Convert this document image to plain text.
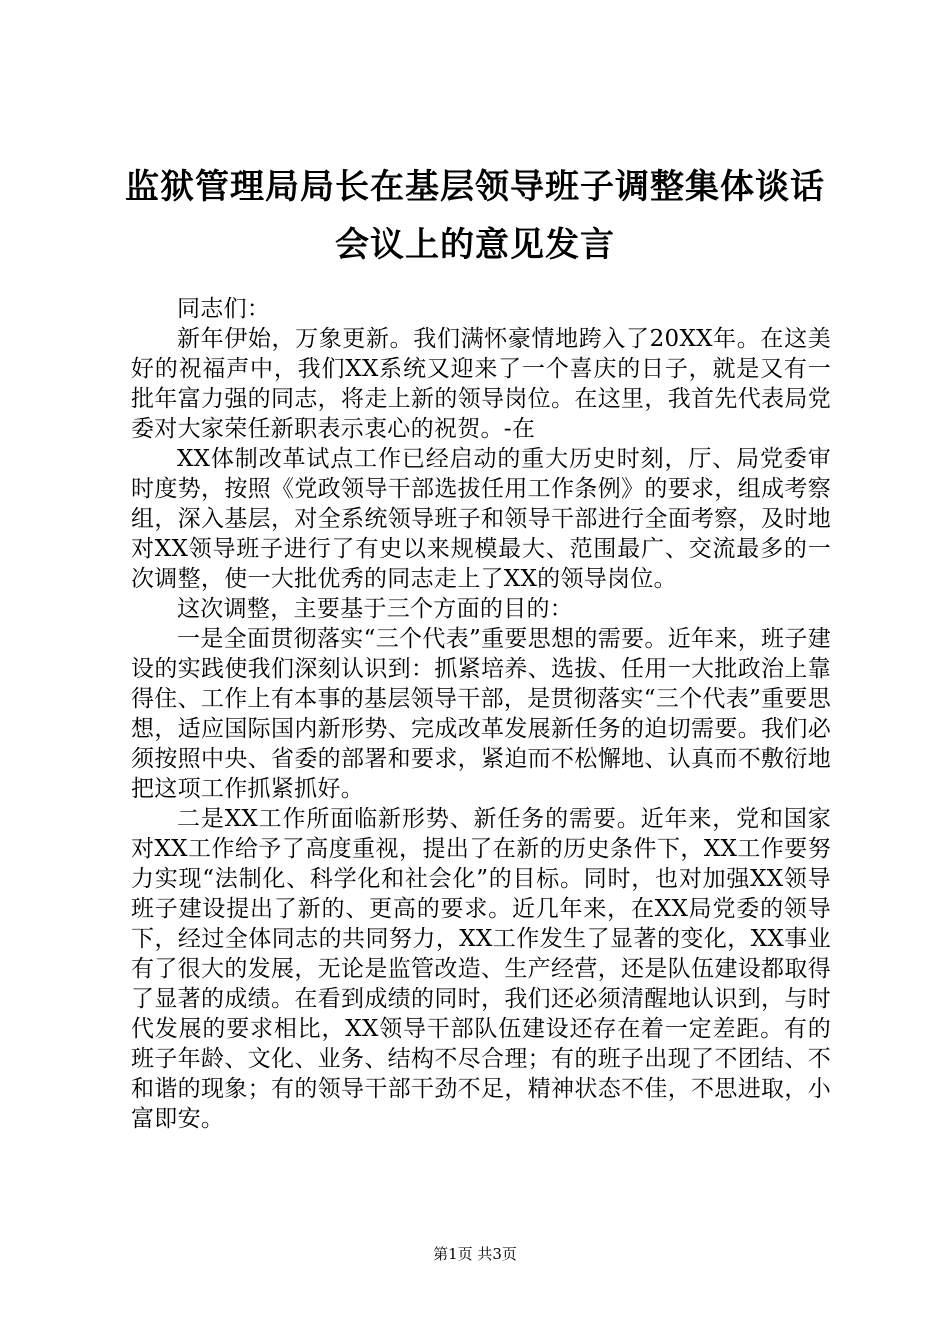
监狱管理局局长在基层领导班子调整集体谈话
会议上的意见发言

同志们：

新年伊始，万象更新。我们满怀豪情地跨入了20XX年。在这美好的祝福声中，我们XX系统又迎来了一个喜庆的日子，就是又有一批年富力强的同志，将走上新的领导岗位。在这里，我首先代表局党委对大家荣任新职表示衷心的祝贺。-在

XX体制改革试点工作已经启动的重大历史时刻，厅、局党委审时度势，按照《党政领导干部选拔任用工作条例》的要求，组成考察组，深入基层，对全系统领导班子和领导干部进行全面考察，及时地对XX领导班子进行了有史以来规模最大、范围最广、交流最多的一次调整，使一大批优秀的同志走上了XX的领导岗位。

这次调整，主要基于三个方面的目的：

一是全面贯彻落实“三个代表”重要思想的需要。近年来，班子建设的实践使我们深刻认识到：抓紧培养、选拔、任用一大批政治上靠得住、工作上有本事的基层领导干部，是贯彻落实“三个代表”重要思想，适应国际国内新形势、完成改革发展新任务的迫切需要。我们必须按照中央、省委的部署和要求，紧迫而不松懈地、认真而不敷衍地把这项工作抓紧抓好。

二是XX工作所面临新形势、新任务的需要。近年来，党和国家对XX工作给予了高度重视，提出了在新的历史条件下，XX工作要努力实现“法制化、科学化和社会化”的目标。同时，也对加强XX领导班子建设提出了新的、更高的要求。近几年来，在XX局党委的领导下，经过全体同志的共同努力，XX工作发生了显著的变化，XX事业有了很大的发展，无论是监管改造、生产经营，还是队伍建设都取得了显著的成绩。在看到成绩的同时，我们还必须清醒地认识到，与时代发展的要求相比，XX领导干部队伍建设还存在着一定差距。有的班子年龄、文化、业务、结构不尽合理；有的班子出现了不团结、不和谐的现象；有的领导干部干劲不足，精神状态不佳，不思进取，小富即安。

第1页 共3页
